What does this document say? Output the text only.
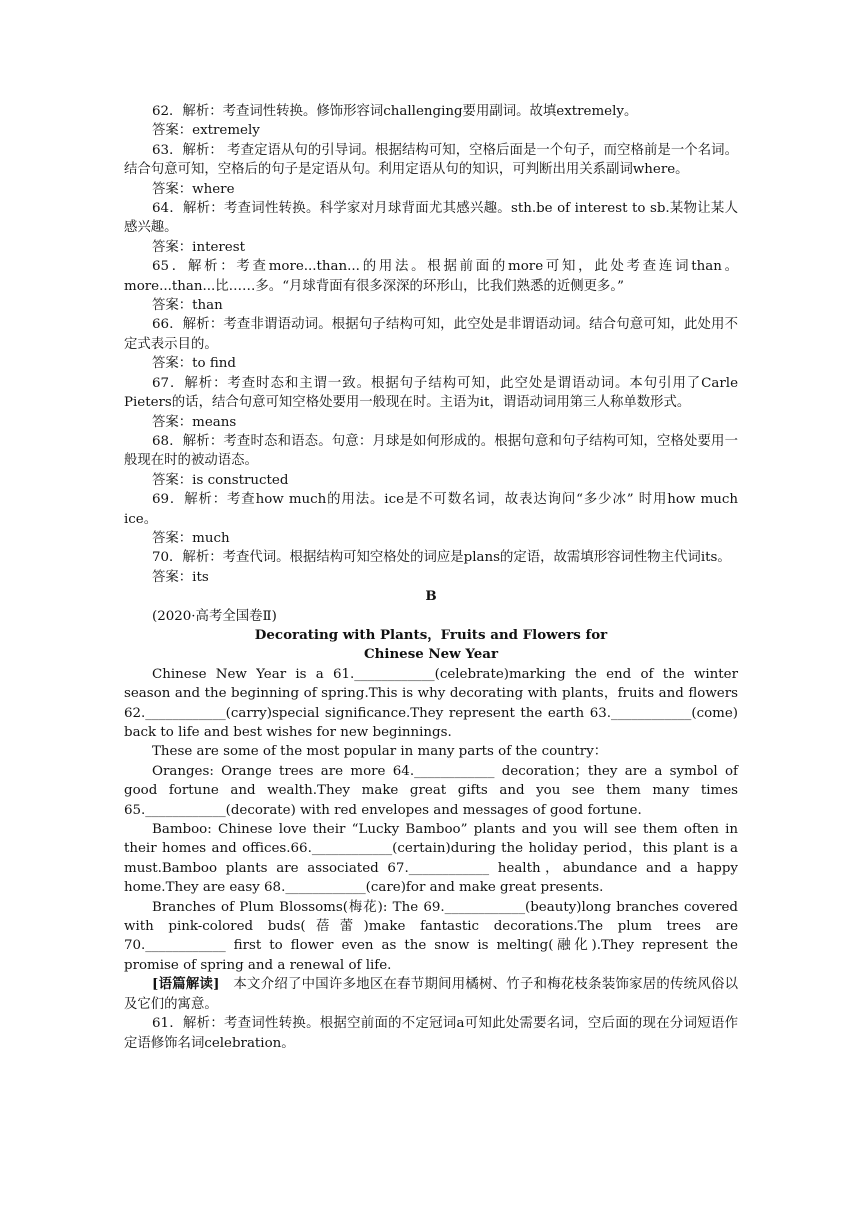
62．解析：考查词性转换。修饰形容词challenging要用副词。故填extremely。

答案：extremely

63．解析： 考查定语从句的引导词。根据结构可知，空格后面是一个句子，而空格前是一个名词。结合句意可知，空格后的句子是定语从句。利用定语从句的知识，可判断出用关系副词where。

答案：where

64．解析：考查词性转换。科学家对月球背面尤其感兴趣。sth.be of interest to sb.某物让某人感兴趣。

答案：interest

65．解析：考查more...than...的用法。根据前面的more可知，此处考查连词than。more...than...比……多。“月球背面有很多深深的环形山，比我们熟悉的近侧更多。”

答案：than

66．解析：考查非谓语动词。根据句子结构可知，此空处是非谓语动词。结合句意可知，此处用不定式表示目的。

答案：to find

67．解析：考查时态和主谓一致。根据句子结构可知，此空处是谓语动词。本句引用了Carle Pieters的话，结合句意可知空格处要用一般现在时。主语为it，谓语动词用第三人称单数形式。

答案：means

68．解析：考查时态和语态。句意：月球是如何形成的。根据句意和句子结构可知，空格处要用一般现在时的被动语态。

答案：is constructed

69．解析：考查how much的用法。ice是不可数名词，故表达询问“多少冰” 时用how much ice。

答案：much

70．解析：考查代词。根据结构可知空格处的词应是plans的定语，故需填形容词性物主代词its。

答案：its

B

(2020·高考全国卷Ⅱ)

Decorating with Plants，Fruits and Flowers for

Chinese New Year

Chinese New Year is a 61.____________(celebrate)marking the end of the winter season and the beginning of spring.This is why decorating with plants，fruits and flowers 62.____________(carry)special significance.They represent the earth 63.____________(come) back to life and best wishes for new beginnings.

These are some of the most popular in many parts of the country：

Oranges: Orange trees are more 64.____________ decoration；they are a symbol of good fortune and wealth.They make great gifts and you see them many times 65.____________(decorate) with red envelopes and messages of good fortune.

Bamboo: Chinese love their “Lucky Bamboo” plants and you will see them often in their homes and offices.66.____________(certain)during the holiday period，this plant is a must.Bamboo plants are associated 67.____________ health，abundance and a happy home.They are easy 68.____________(care)for and make great presents.

Branches of Plum Blossoms(梅花): The 69.____________(beauty)long branches covered with pink-colored buds(蓓蕾)make fantastic decorations.The plum trees are 70.____________ first to flower even as the snow is melting(融化).They represent the promise of spring and a renewal of life.

[语篇解读]　本文介绍了中国许多地区在春节期间用橘树、竹子和梅花枝条装饰家居的传统风俗以及它们的寓意。

61．解析：考查词性转换。根据空前面的不定冠词a可知此处需要名词，空后面的现在分词短语作定语修饰名词celebration。
